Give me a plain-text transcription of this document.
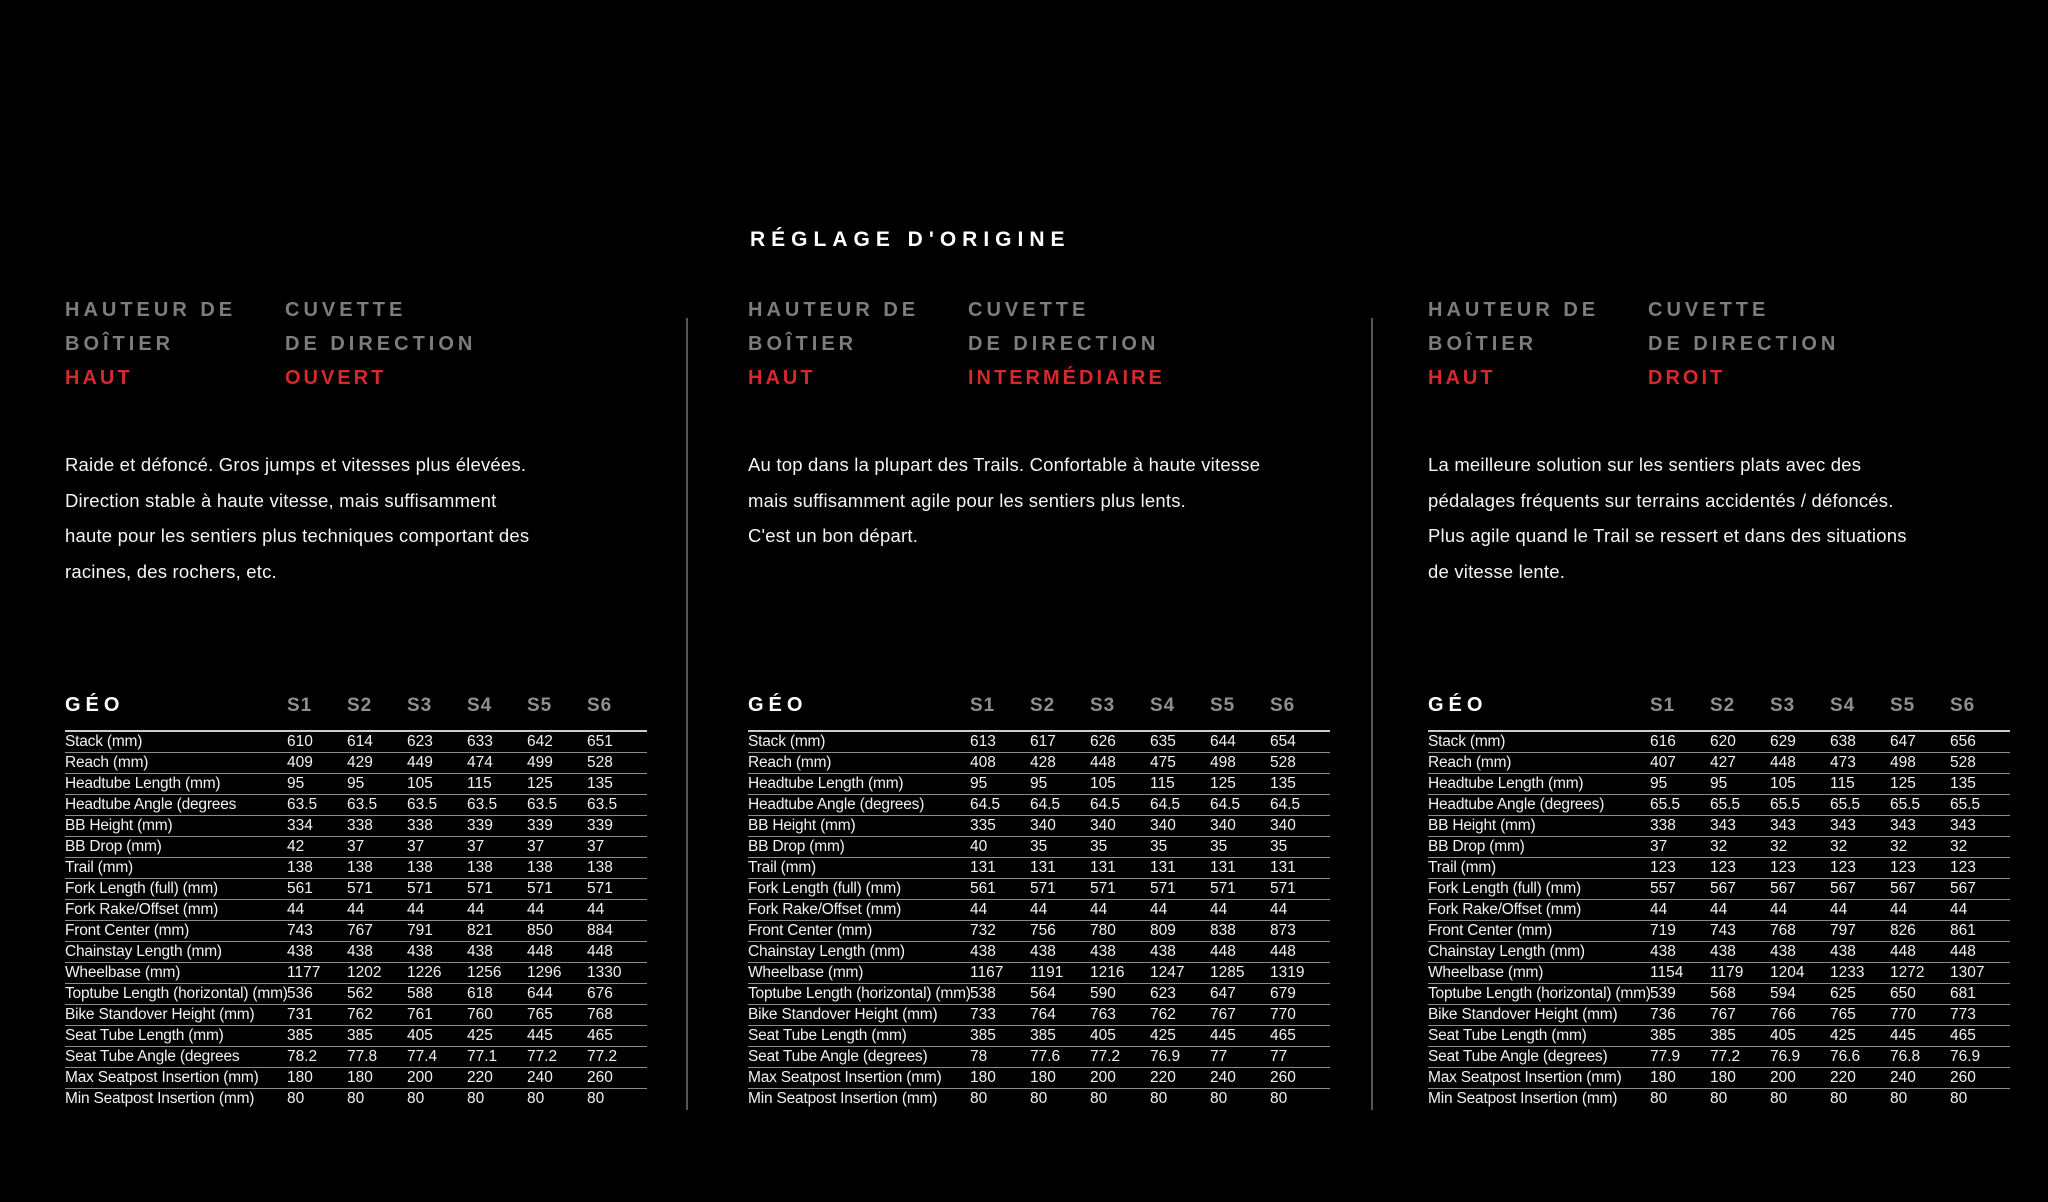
RÉGLAGE D'ORIGINE
HAUTEUR DE
BOÎTIER
HAUT
CUVETTE
DE DIRECTION
OUVERT
Raide et défoncé. Gros jumps et vitesses plus élevées.
Direction stable à haute vitesse, mais suffisamment
haute pour les sentiers plus techniques comportant des
racines, des rochers, etc.
GÉO	S1	S2	S3	S4	S5	S6
Stack (mm)	610	614	623	633	642	651
Reach (mm)	409	429	449	474	499	528
Headtube Length (mm)	95	95	105	115	125	135
Headtube Angle (degrees	63.5	63.5	63.5	63.5	63.5	63.5
BB Height (mm)	334	338	338	339	339	339
BB Drop (mm)	42	37	37	37	37	37
Trail (mm)	138	138	138	138	138	138
Fork Length (full) (mm)	561	571	571	571	571	571
Fork Rake/Offset (mm)	44	44	44	44	44	44
Front Center (mm)	743	767	791	821	850	884
Chainstay Length (mm)	438	438	438	438	448	448
Wheelbase (mm)	1177	1202	1226	1256	1296	1330
Toptube Length (horizontal) (mm)	536	562	588	618	644	676
Bike Standover Height (mm)	731	762	761	760	765	768
Seat Tube Length (mm)	385	385	405	425	445	465
Seat Tube Angle (degrees	78.2	77.8	77.4	77.1	77.2	77.2
Max Seatpost Insertion (mm)	180	180	200	220	240	260
Min Seatpost Insertion (mm)	80	80	80	80	80	80
HAUTEUR DE
BOÎTIER
HAUT
CUVETTE
DE DIRECTION
INTERMÉDIAIRE
Au top dans la plupart des Trails. Confortable à haute vitesse
mais suffisamment agile pour les sentiers plus lents.
C'est un bon départ.
GÉO	S1	S2	S3	S4	S5	S6
Stack (mm)	613	617	626	635	644	654
Reach (mm)	408	428	448	475	498	528
Headtube Length (mm)	95	95	105	115	125	135
Headtube Angle (degrees)	64.5	64.5	64.5	64.5	64.5	64.5
BB Height (mm)	335	340	340	340	340	340
BB Drop (mm)	40	35	35	35	35	35
Trail (mm)	131	131	131	131	131	131
Fork Length (full) (mm)	561	571	571	571	571	571
Fork Rake/Offset (mm)	44	44	44	44	44	44
Front Center (mm)	732	756	780	809	838	873
Chainstay Length (mm)	438	438	438	438	448	448
Wheelbase (mm)	1167	1191	1216	1247	1285	1319
Toptube Length (horizontal) (mm)	538	564	590	623	647	679
Bike Standover Height (mm)	733	764	763	762	767	770
Seat Tube Length (mm)	385	385	405	425	445	465
Seat Tube Angle (degrees)	78	77.6	77.2	76.9	77	77
Max Seatpost Insertion (mm)	180	180	200	220	240	260
Min Seatpost Insertion (mm)	80	80	80	80	80	80
HAUTEUR DE
BOÎTIER
HAUT
CUVETTE
DE DIRECTION
DROIT
La meilleure solution sur les sentiers plats avec des
pédalages fréquents sur terrains accidentés / défoncés.
Plus agile quand le Trail se ressert et dans des situations
de vitesse lente.
GÉO	S1	S2	S3	S4	S5	S6
Stack (mm)	616	620	629	638	647	656
Reach (mm)	407	427	448	473	498	528
Headtube Length (mm)	95	95	105	115	125	135
Headtube Angle (degrees)	65.5	65.5	65.5	65.5	65.5	65.5
BB Height (mm)	338	343	343	343	343	343
BB Drop (mm)	37	32	32	32	32	32
Trail (mm)	123	123	123	123	123	123
Fork Length (full) (mm)	557	567	567	567	567	567
Fork Rake/Offset (mm)	44	44	44	44	44	44
Front Center (mm)	719	743	768	797	826	861
Chainstay Length (mm)	438	438	438	438	448	448
Wheelbase (mm)	1154	1179	1204	1233	1272	1307
Toptube Length (horizontal) (mm)	539	568	594	625	650	681
Bike Standover Height (mm)	736	767	766	765	770	773
Seat Tube Length (mm)	385	385	405	425	445	465
Seat Tube Angle (degrees)	77.9	77.2	76.9	76.6	76.8	76.9
Max Seatpost Insertion (mm)	180	180	200	220	240	260
Min Seatpost Insertion (mm)	80	80	80	80	80	80
